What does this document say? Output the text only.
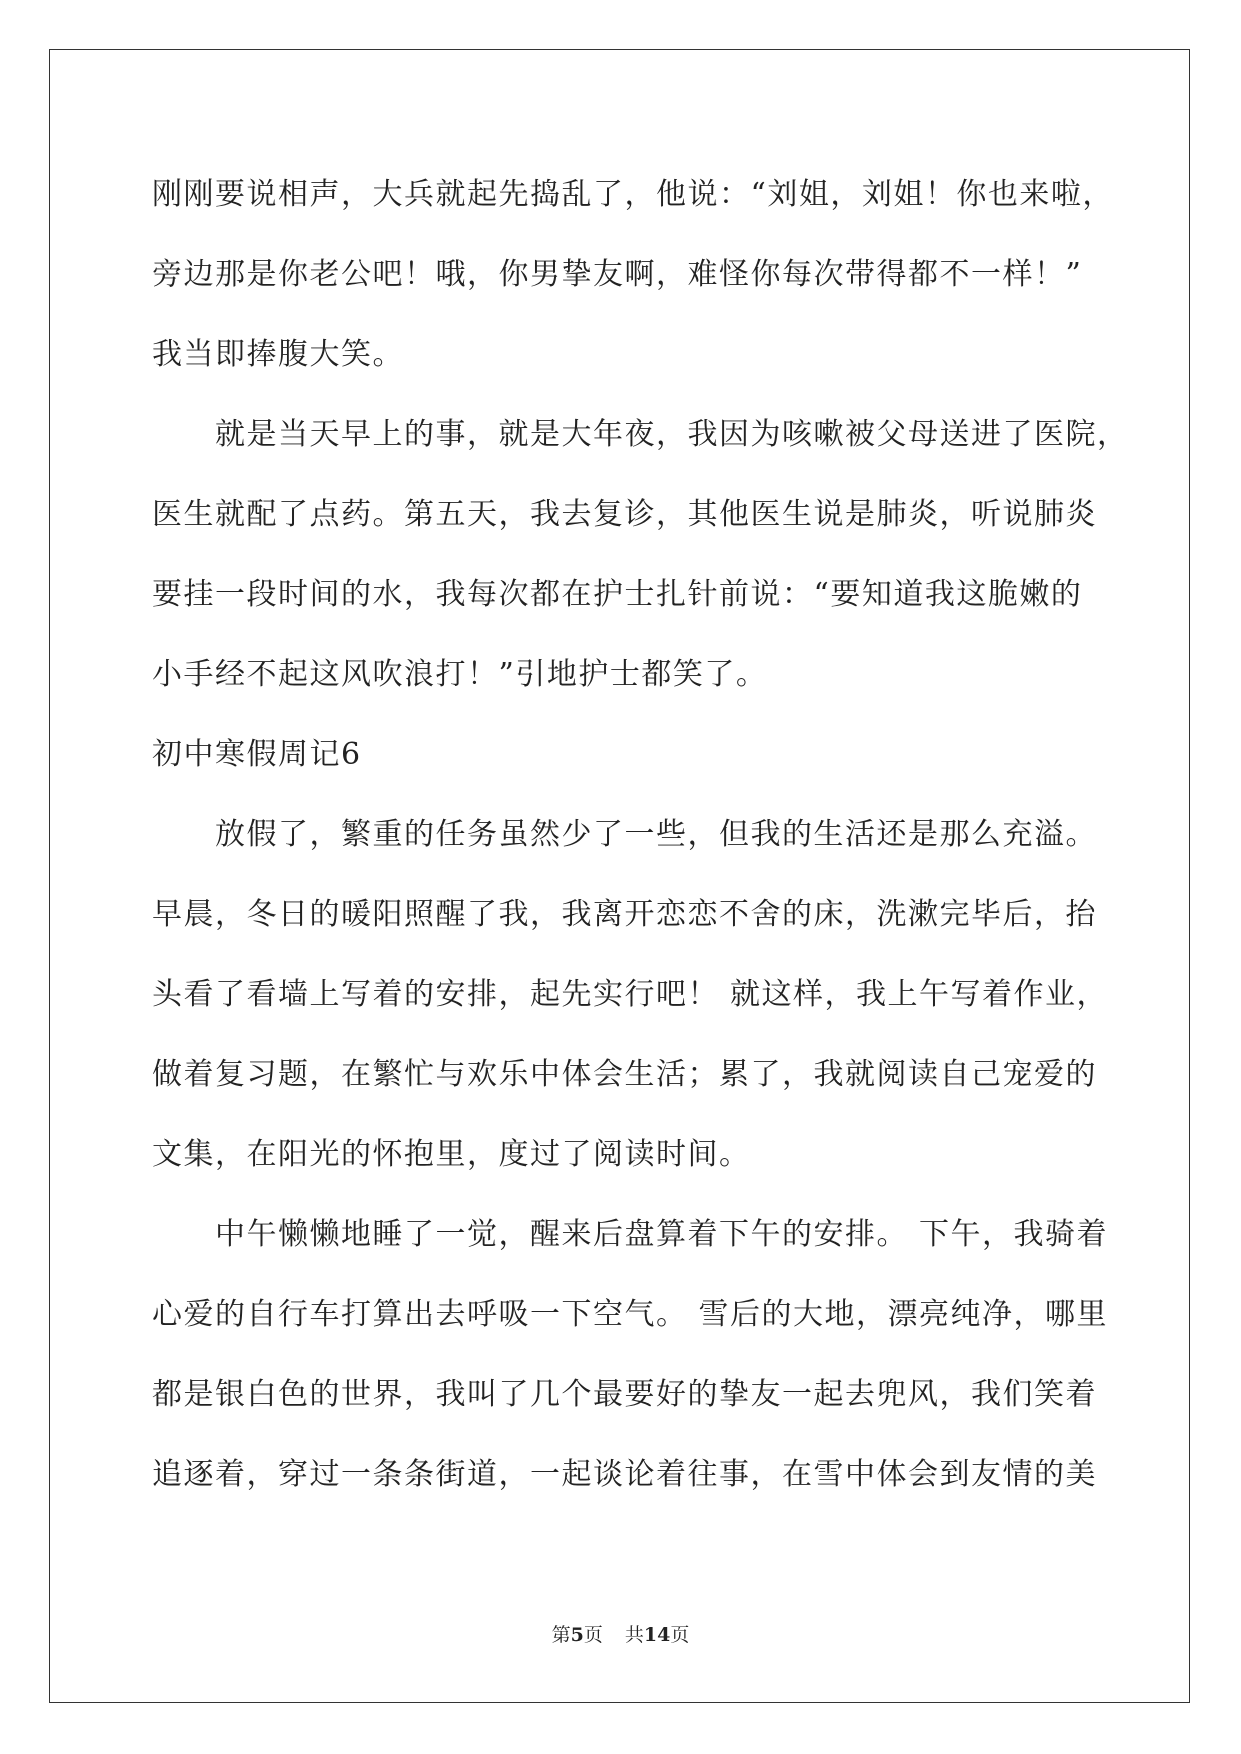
刚刚要说相声，大兵就起先捣乱了，他说：“刘姐，刘姐！你也来啦，

旁边那是你老公吧！哦，你男挚友啊，难怪你每次带得都不一样！”

我当即捧腹大笑。

就是当天早上的事，就是大年夜，我因为咳嗽被父母送进了医院，

医生就配了点药。第五天，我去复诊，其他医生说是肺炎，听说肺炎

要挂一段时间的水，我每次都在护士扎针前说：“要知道我这脆嫩的

小手经不起这风吹浪打！”引地护士都笑了。

初中寒假周记6

放假了，繁重的任务虽然少了一些，但我的生活还是那么充溢。

早晨，冬日的暖阳照醒了我，我离开恋恋不舍的床，洗漱完毕后，抬

头看了看墙上写着的安排，起先实行吧！ 就这样，我上午写着作业，

做着复习题，在繁忙与欢乐中体会生活；累了，我就阅读自己宠爱的

文集，在阳光的怀抱里，度过了阅读时间。

中午懒懒地睡了一觉，醒来后盘算着下午的安排。 下午，我骑着

心爱的自行车打算出去呼吸一下空气。 雪后的大地，漂亮纯净，哪里

都是银白色的世界，我叫了几个最要好的挚友一起去兜风，我们笑着

追逐着，穿过一条条街道，一起谈论着往事，在雪中体会到友情的美

第5页 共14页
